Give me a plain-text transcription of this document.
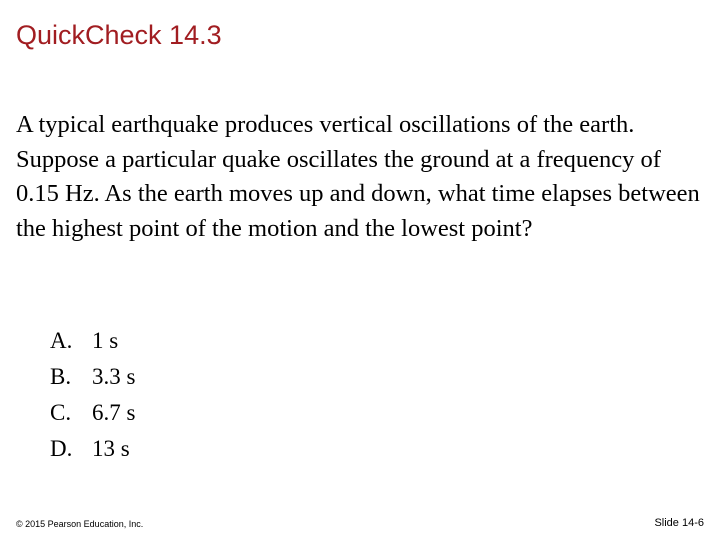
QuickCheck 14.3

A typical earthquake produces vertical oscillations of the earth. Suppose a particular quake oscillates the ground at a frequency of 0.15 Hz. As the earth moves up and down, what time elapses between the highest point of the motion and the lowest point?

A. 1 s
B. 3.3 s
C. 6.7 s
D. 13 s
© 2015 Pearson Education, Inc.	Slide 14-6
